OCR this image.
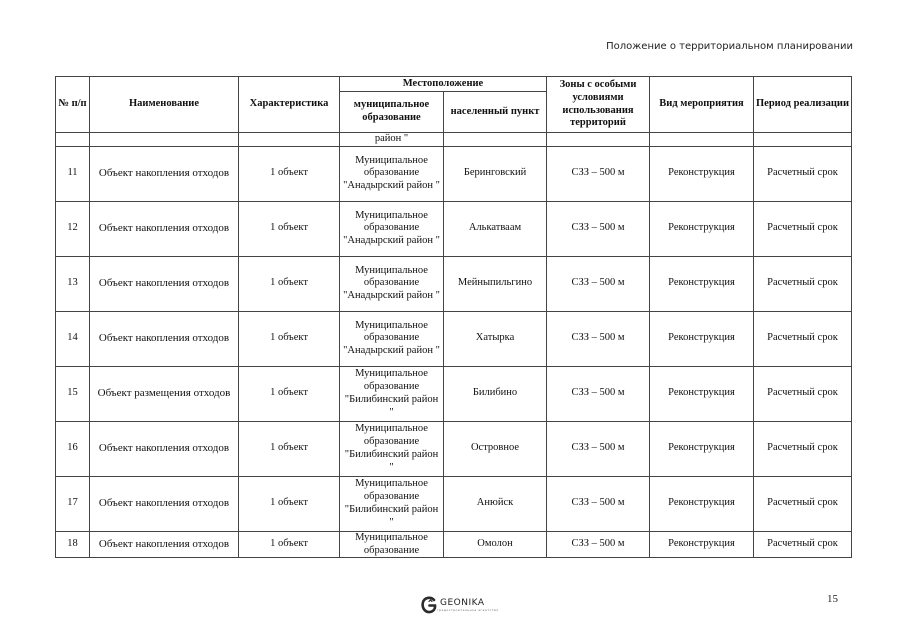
Положение о территориальном планировании
№ п/п	Наименование	Характеристика	Местоположение		Зоны с особыми условиями использования территорий	Вид мероприятия	Период реализации
			муниципальное образование	населенный пункт			
			район "				
11	Объект накопления отходов	1 объект	Муниципальное образование "Анадырский район "	Беринговский	СЗЗ – 500 м	Реконструкция	Расчетный срок
12	Объект накопления отходов	1 объект	Муниципальное образование "Анадырский район "	Алькатваам	СЗЗ – 500 м	Реконструкция	Расчетный срок
13	Объект накопления отходов	1 объект	Муниципальное образование "Анадырский район "	Мейныпильгино	СЗЗ – 500 м	Реконструкция	Расчетный срок
14	Объект накопления отходов	1 объект	Муниципальное образование "Анадырский район "	Хатырка	СЗЗ – 500 м	Реконструкция	Расчетный срок
15	Объект размещения отходов	1 объект	Муниципальное образование "Билибинский район "	Билибино	СЗЗ – 500 м	Реконструкция	Расчетный срок
16	Объект накопления отходов	1 объект	Муниципальное образование "Билибинский район "	Островное	СЗЗ – 500 м	Реконструкция	Расчетный срок
17	Объект накопления отходов	1 объект	Муниципальное образование "Билибинский район "	Анюйск	СЗЗ – 500 м	Реконструкция	Расчетный срок
18	Объект накопления отходов	1 объект	Муниципальное образование	Омолон	СЗЗ – 500 м	Реконструкция	Расчетный срок
GEONIKA
градостроительное агентство
15
